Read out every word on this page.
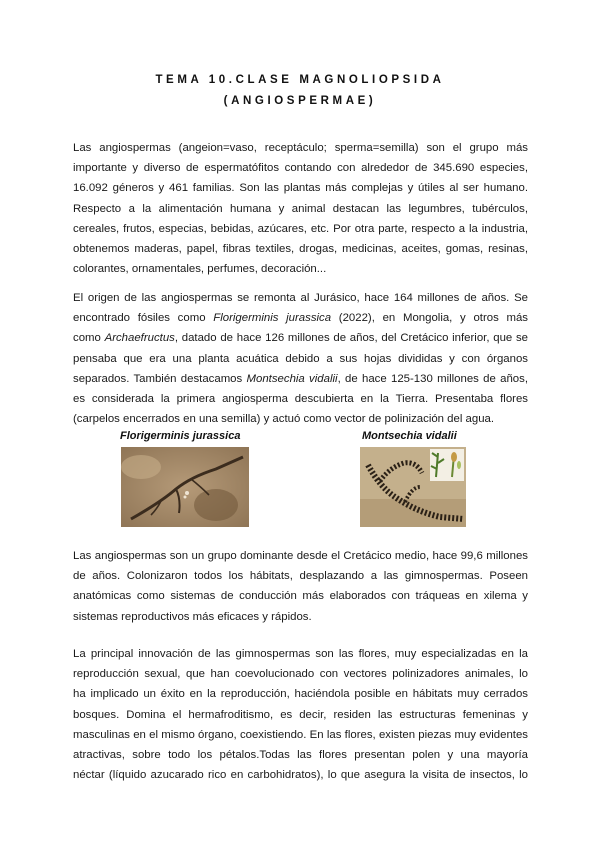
TEMA 10.CLASE MAGNOLIOPSIDA
(ANGIOSPERMAE)
Las angiospermas (angeion=vaso, receptáculo; sperma=semilla) son el grupo más
importante y diverso de espermatófitos contando con alrededor de 345.690 especies,
16.092 géneros y 461 familias. Son las plantas más complejas y útiles al ser humano.
Respecto a la alimentación humana y animal destacan las legumbres, tubérculos,
cereales, frutos, especias, bebidas, azúcares, etc. Por otra parte, respecto a la industria,
obtenemos maderas, papel, fibras textiles, drogas, medicinas, aceites, gomas, resinas,
colorantes, ornamentales, perfumes, decoración...
El origen de las angiospermas se remonta al Jurásico, hace 164 millones de años. Se
encontrado fósiles como Florigerminis jurassica (2022), en Mongolia, y otros más
como Archaefructus, datado de hace 126 millones de años, del Cretácico inferior, que se
pensaba que era una planta acuática debido a sus hojas divididas y con órganos
separados. También destacamos Montsechia vidalii, de hace 125-130 millones de años,
es considerada la primera angiosperma descubierta en la Tierra. Presentaba flores
(carpelos encerrados en una semilla) y actuó como vector de polinización del agua.
Florigerminis jurassica	Montsechia vidalii
Las angiospermas son un grupo dominante desde el Cretácico medio, hace 99,6 millones
de años. Colonizaron todos los hábitats, desplazando a las gimnospermas. Poseen
anatómicas como sistemas de conducción más elaborados con tráqueas en xilema y
sistemas reproductivos más eficaces y rápidos.
La principal innovación de las gimnospermas son las flores, muy especializadas en la
reproducción sexual, que han coevolucionado con vectores polinizadores animales, lo
ha implicado un éxito en la reproducción, haciéndola posible en hábitats muy cerrados
bosques. Domina el hermafroditismo, es decir, residen las estructuras femeninas y
masculinas en el mismo órgano, coexistiendo. En las flores, existen piezas muy evidentes
atractivas, sobre todo los pétalos.Todas las flores presentan polen y una mayoría
néctar (líquido azucarado rico en carbohidratos), lo que asegura la visita de insectos, lo
